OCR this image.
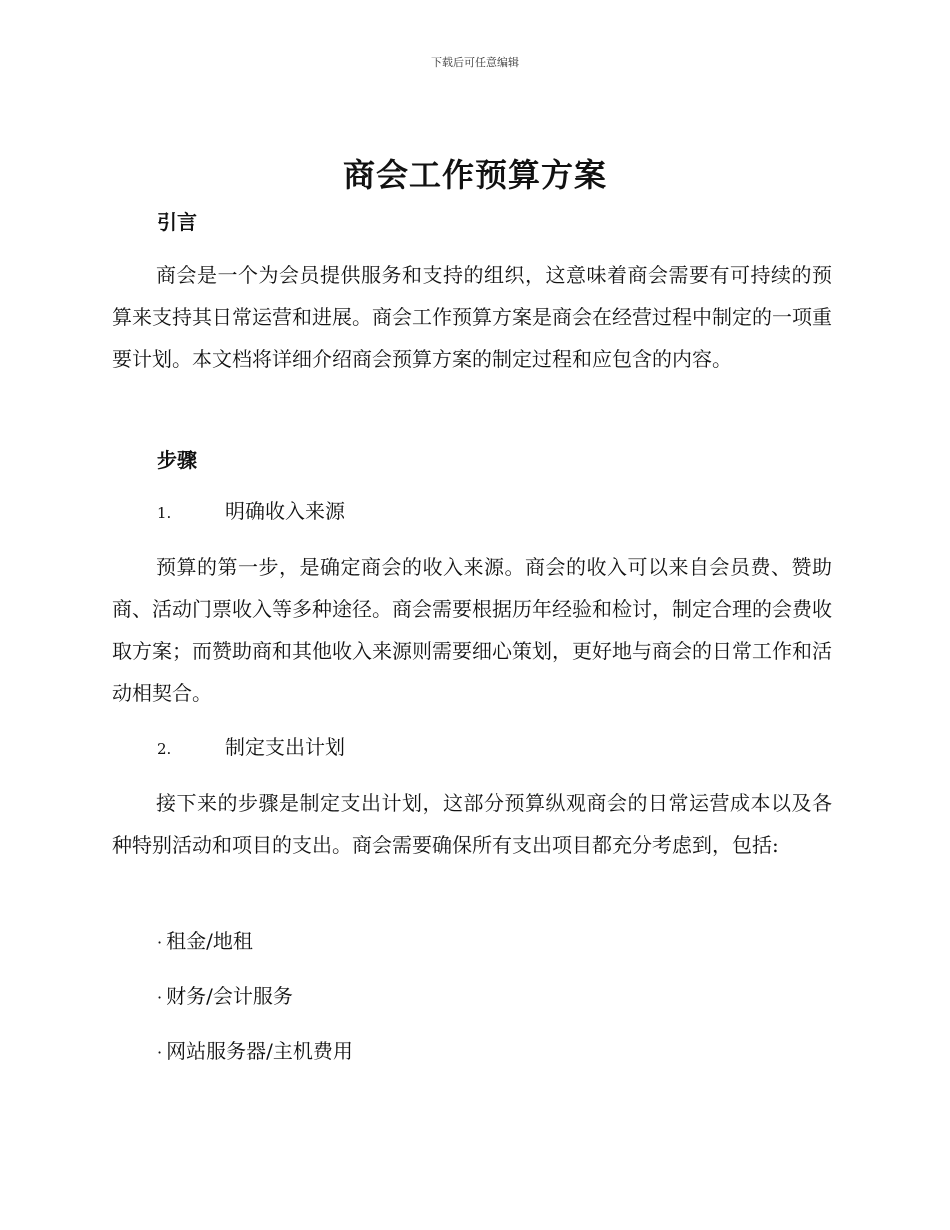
下载后可任意编辑
商会工作预算方案
引言
商会是一个为会员提供服务和支持的组织，这意味着商会需要有可持续的预算来支持其日常运营和进展。商会工作预算方案是商会在经营过程中制定的一项重要计划。本文档将详细介绍商会预算方案的制定过程和应包含的内容。
步骤
1.	明确收入来源
预算的第一步，是确定商会的收入来源。商会的收入可以来自会员费、赞助商、活动门票收入等多种途径。商会需要根据历年经验和检讨，制定合理的会费收取方案；而赞助商和其他收入来源则需要细心策划，更好地与商会的日常工作和活动相契合。
2.	制定支出计划
接下来的步骤是制定支出计划，这部分预算纵观商会的日常运营成本以及各种特别活动和项目的支出。商会需要确保所有支出项目都充分考虑到，包括:
· 租金/地租
· 财务/会计服务
· 网站服务器/主机费用
